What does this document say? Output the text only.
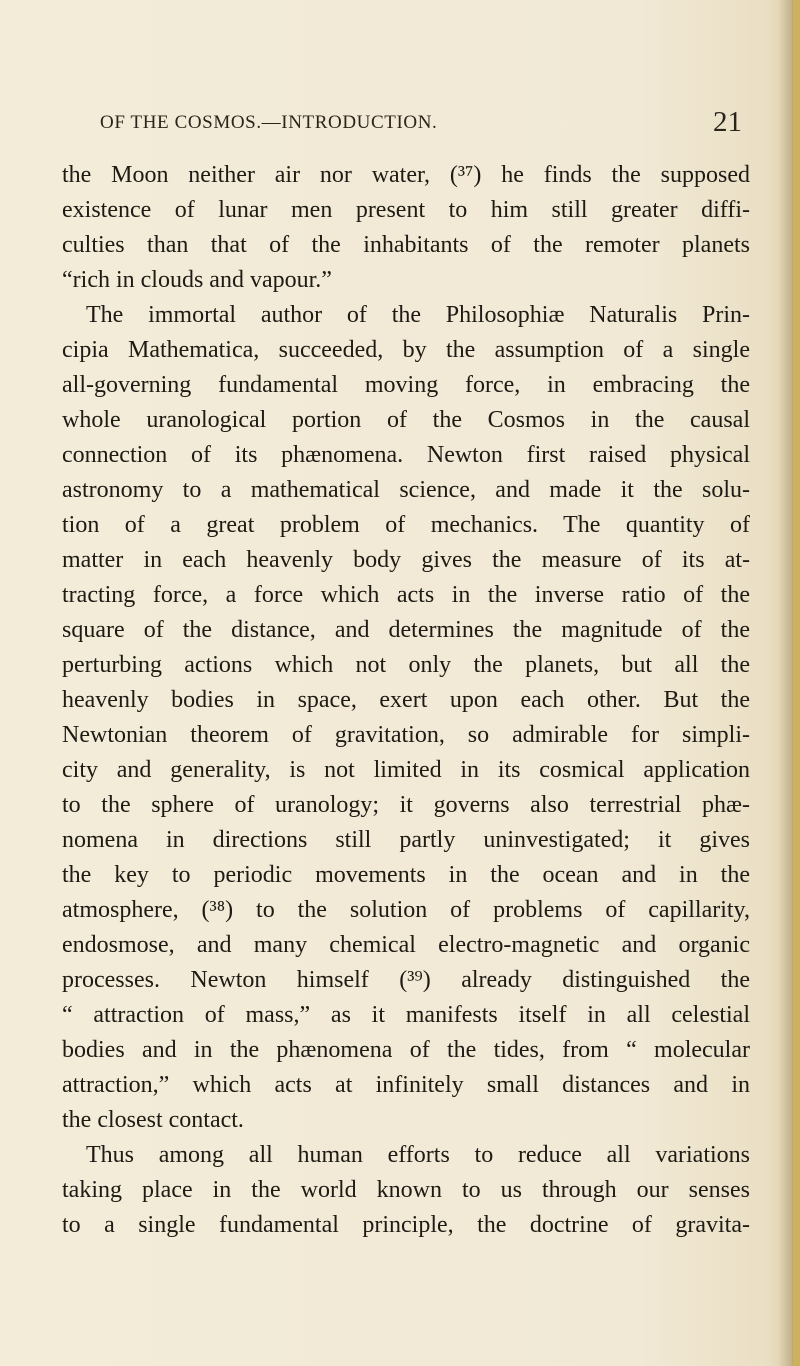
OF THE COSMOS.—INTRODUCTION.	21
the Moon neither air nor water, (³⁷) he finds the supposed
existence of lunar men present to him still greater diffi-
culties than that of the inhabitants of the remoter planets
“rich in clouds and vapour.”
The immortal author of the Philosophiæ Naturalis Prin-
cipia Mathematica, succeeded, by the assumption of a single
all-governing fundamental moving force, in embracing the
whole uranological portion of the Cosmos in the causal
connection of its phænomena. Newton first raised physical
astronomy to a mathematical science, and made it the solu-
tion of a great problem of mechanics. The quantity of
matter in each heavenly body gives the measure of its at-
tracting force, a force which acts in the inverse ratio of the
square of the distance, and determines the magnitude of the
perturbing actions which not only the planets, but all the
heavenly bodies in space, exert upon each other. But the
Newtonian theorem of gravitation, so admirable for simpli-
city and generality, is not limited in its cosmical application
to the sphere of uranology; it governs also terrestrial phæ-
nomena in directions still partly uninvestigated; it gives
the key to periodic movements in the ocean and in the
atmosphere, (³⁸) to the solution of problems of capillarity,
endosmose, and many chemical electro-magnetic and organic
processes. Newton himself (³⁹) already distinguished the
“ attraction of mass,” as it manifests itself in all celestial
bodies and in the phænomena of the tides, from “ molecular
attraction,” which acts at infinitely small distances and in
the closest contact.
Thus among all human efforts to reduce all variations
taking place in the world known to us through our senses
to a single fundamental principle, the doctrine of gravita-
